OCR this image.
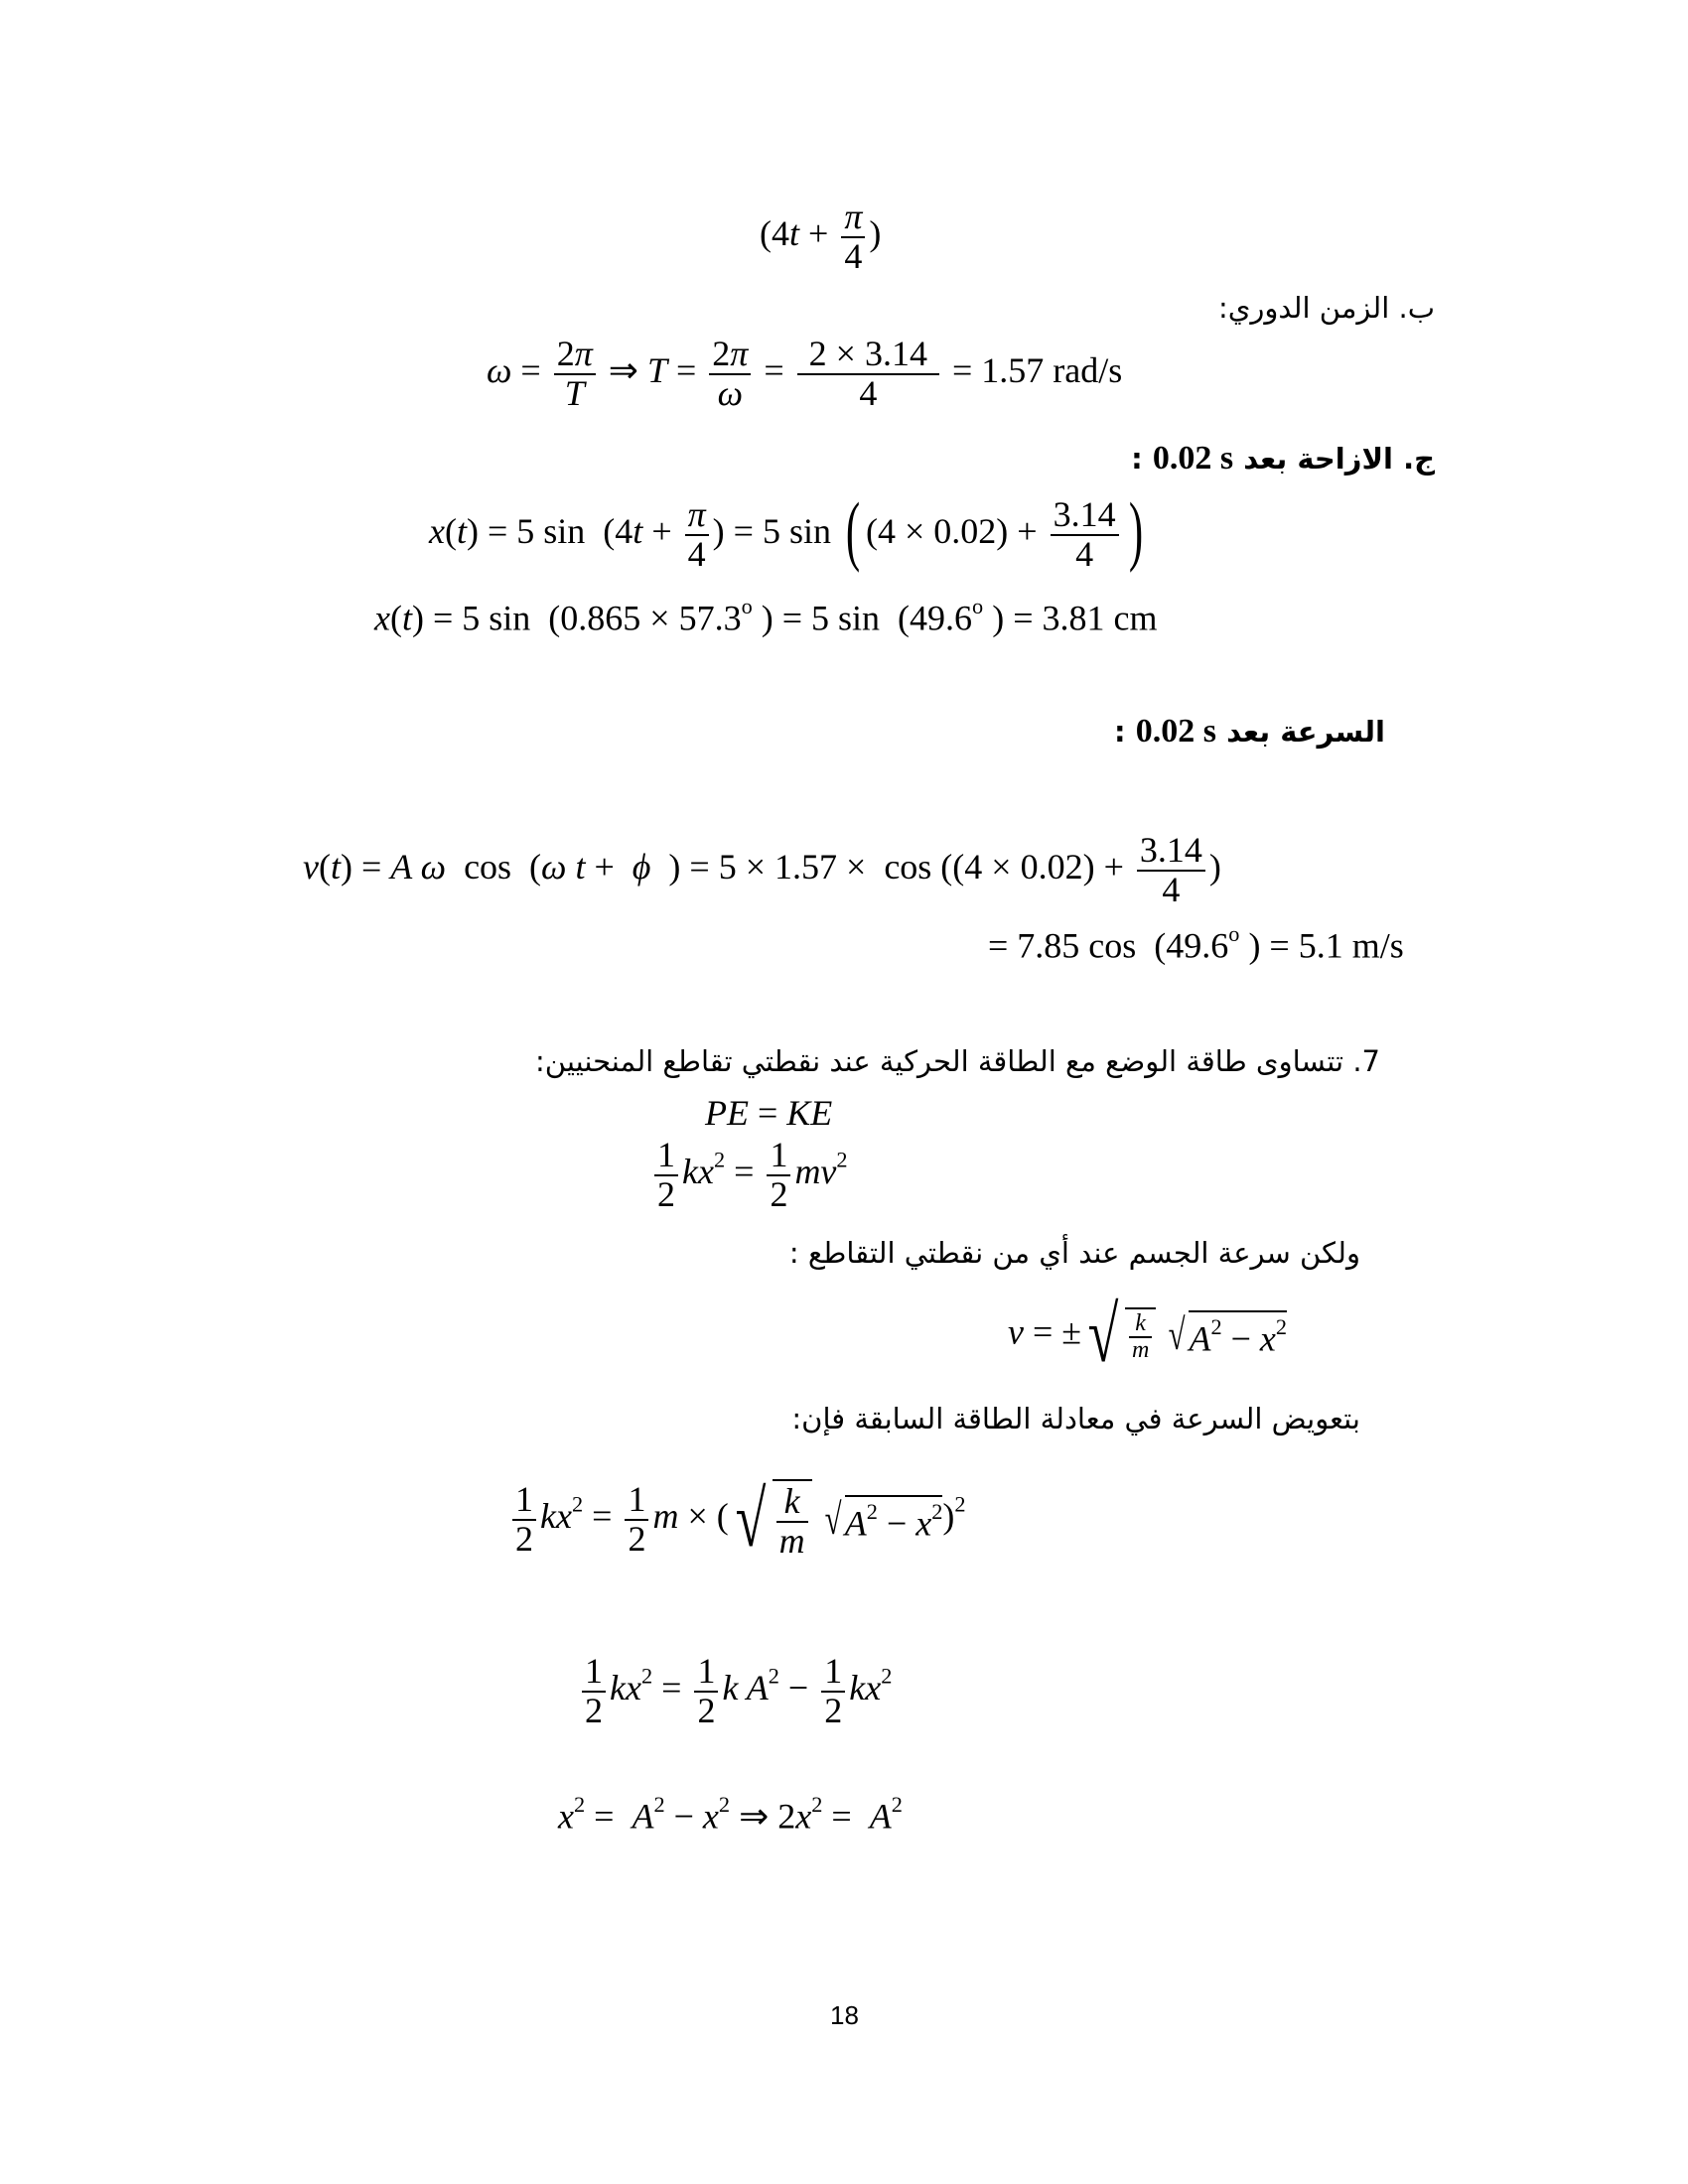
($4t + \frac{\pi}{4}$ )
ب. الزمن الدوري:
$\omega = \frac{2\pi}{T}$ ⇒ $T = \frac{2\pi}{\omega} = \frac{2 \times 3.14}{4} = 1.57$ rad/s
ج. الازاحة بعد 0.02 s :
x(t) = 5 $\sin (4t + \frac{\pi}{4}$ ) = 5 sin ( $(4 \times 0.02) + \frac{3.14}{4}$ )
x(t) = 5 $\sin (0.865 \times 57.3^o$ ) = 5 sin  (49.6$^o$ ) = 3.81 cm
السرعة بعد 0.02 s :
v(t) = A ω  cos  (ω t +  ϕ  ) = $5 \times 1.57 \times \cos ((4 \times 0.02) + \frac{3.14}{4}$ )
= 7.85 cos  (49.6$^o$ ) = 5.1 m/s
7. تتساوى طاقة الوضع مع الطاقة الحركية عند نقطتي تقاطع المنحنيين:
PE = KE
$\frac{1}{2} kx^2 = \frac{1}{2} mv^2$
ولكن سرعة الجسم عند أي من نقطتي التقاطع :
v = ±√ $\frac{k}{m}$ √ $A^2 - x^2$
بتعويض السرعة في معادلة الطاقة السابقة فإن:
$\frac{1}{2} kx^2 = \frac{1}{2}$ m × (√ $\frac{k}{m}$ √ $A^2 - x^2)^2$
$\frac{1}{2} kx^2 = \frac{1}{2}$ k $A^2 - \frac{1}{2} kx^2$
$x^2 = A^2 - x^2$ ⇒ $2x^2 = A^2$
18
